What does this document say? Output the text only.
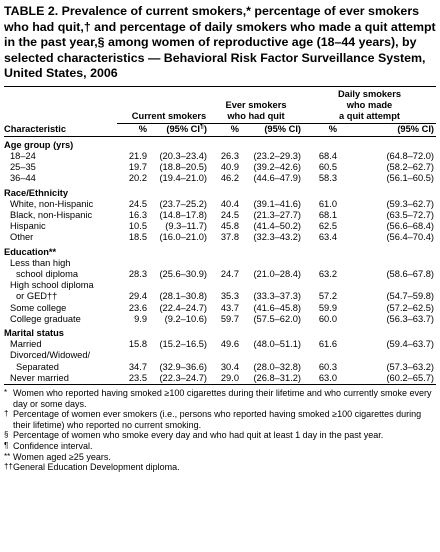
TABLE 2. Prevalence of current smokers,* percentage of ever smokers who had quit,† and percentage of daily smokers who made a quit attempt in the past year,§ among women of reproductive age (18–44 years), by selected characteristics — Behavioral Risk Factor Surveillance System, United States, 2006
					Daily smokers	
			Ever smokers		who made	
	Current smokers		who had quit		a quit attempt	
Characteristic	%	(95% CI¶)	%	(95% CI)	%	(95% CI)
Age group (yrs)						
18–24	21.9	(20.3–23.4)	26.3	(23.2–29.3)	68.4	(64.8–72.0)
25–35	19.7	(18.8–20.5)	40.9	(39.2–42.6)	60.5	(58.2–62.7)
36–44	20.2	(19.4–21.0)	46.2	(44.6–47.9)	58.3	(56.1–60.5)
Race/Ethnicity						
White, non-Hispanic	24.5	(23.7–25.2)	40.4	(39.1–41.6)	61.0	(59.3–62.7)
Black, non-Hispanic	16.3	(14.8–17.8)	24.5	(21.3–27.7)	68.1	(63.5–72.7)
Hispanic	10.5	(9.3–11.7)	45.8	(41.4–50.2)	62.5	(56.6–68.4)
Other	18.5	(16.0–21.0)	37.8	(32.3–43.2)	63.4	(56.4–70.4)
Education**						
Less than high						
school diploma	28.3	(25.6–30.9)	24.7	(21.0–28.4)	63.2	(58.6–67.8)
High school diploma						
or GED††	29.4	(28.1–30.8)	35.3	(33.3–37.3)	57.2	(54.7–59.8)
Some college	23.6	(22.4–24.7)	43.7	(41.6–45.8)	59.9	(57.2–62.5)
College graduate	9.9	(9.2–10.6)	59.7	(57.5–62.0)	60.0	(56.3–63.7)
Marital status						
Married	15.8	(15.2–16.5)	49.6	(48.0–51.1)	61.6	(59.4–63.7)
Divorced/Widowed/						
Separated	34.7	(32.9–36.6)	30.4	(28.0–32.8)	60.3	(57.3–63.2)
Never married	23.5	(22.3–24.7)	29.0	(26.8–31.2)	63.0	(60.2–65.7)
* Women who reported having smoked ≥100 cigarettes during their lifetime and who currently smoke every day or some days.
† Percentage of women ever smokers (i.e., persons who reported having smoked ≥100 cigarettes during their lifetime) who reported no current smoking.
§ Percentage of women who smoke every day and who had quit at least 1 day in the past year.
¶ Confidence interval.
** Women aged ≥25 years.
†† General Education Development diploma.
